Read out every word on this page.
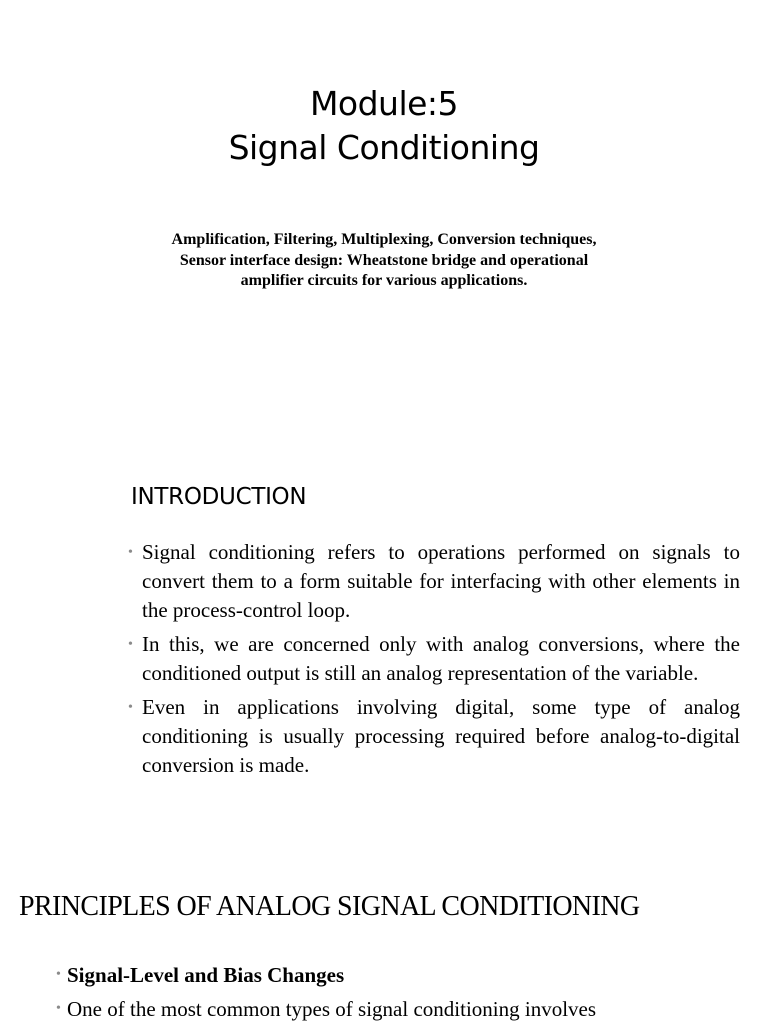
Module:5
Signal Conditioning
Amplification, Filtering, Multiplexing, Conversion techniques,
Sensor interface design: Wheatstone bridge and operational
amplifier circuits for various applications.
INTRODUCTION
• Signal conditioning refers to operations performed on signals to convert them to a form suitable for interfacing with other elements in the process-control loop.
• In this, we are concerned only with analog conversions, where the conditioned output is still an analog representation of the variable.
• Even in applications involving digital, some type of analog conditioning is usually processing required before analog-to-digital conversion is made.
PRINCIPLES OF ANALOG SIGNAL CONDITIONING
• Signal-Level and Bias Changes
• One of the most common types of signal conditioning involves
